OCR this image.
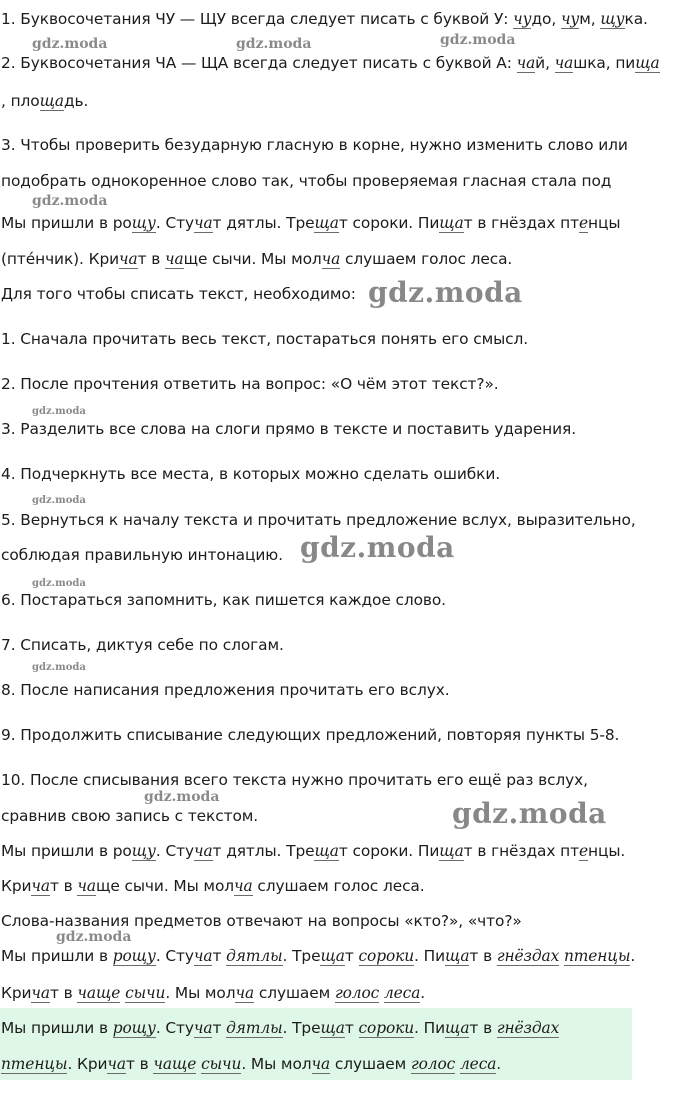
1. Буквосочетания ЧУ — ЩУ всегда следует писать с буквой У: чудо, чум, щука.
2. Буквосочетания ЧА — ЩА всегда следует писать с буквой А: чай, чашка, пища
, площадь.
3. Чтобы проверить безударную гласную в корне, нужно изменить слово или
подобрать однокоренное слово так, чтобы проверяемая гласная стала под
Мы пришли в рощу. Стучат дятлы. Трещат сороки. Пищат в гнёздах птенцы
(птéнчик). Кричат в чаще сычи. Мы молча слушаем голос леса.
Для того чтобы списать текст, необходимо:
1. Сначала прочитать весь текст, постараться понять его смысл.
2. После прочтения ответить на вопрос: «О чём этот текст?».
3. Разделить все слова на слоги прямо в тексте и поставить ударения.
4. Подчеркнуть все места, в которых можно сделать ошибки.
5. Вернуться к началу текста и прочитать предложение вслух, выразительно,
соблюдая правильную интонацию.
6. Постараться запомнить, как пишется каждое слово.
7. Списать, диктуя себе по слогам.
8. После написания предложения прочитать его вслух.
9. Продолжить списывание следующих предложений, повторяя пункты 5-8.
10. После списывания всего текста нужно прочитать его ещё раз вслух,
сравнив свою запись с текстом.
Мы пришли в рощу. Стучат дятлы. Трещат сороки. Пищат в гнёздах птенцы.
Кричат в чаще сычи. Мы молча слушаем голос леса.
Слова-названия предметов отвечают на вопросы «кто?», «что?»
Мы пришли в рощу. Стучат дятлы. Трещат сороки. Пищат в гнёздах птенцы.
Кричат в чаще сычи. Мы молча слушаем голос леса.
Мы пришли в рощу. Стучат дятлы. Трещат сороки. Пищат в гнёздах
птенцы. Кричат в чаще сычи. Мы молча слушаем голос леса.
gdz.moda	gdz.moda	gdz.moda
gdz.moda
gdz.moda
gdz.moda
gdz.moda
gdz.moda
gdz.moda
gdz.moda
gdz.moda	gdz.moda
gdz.moda
